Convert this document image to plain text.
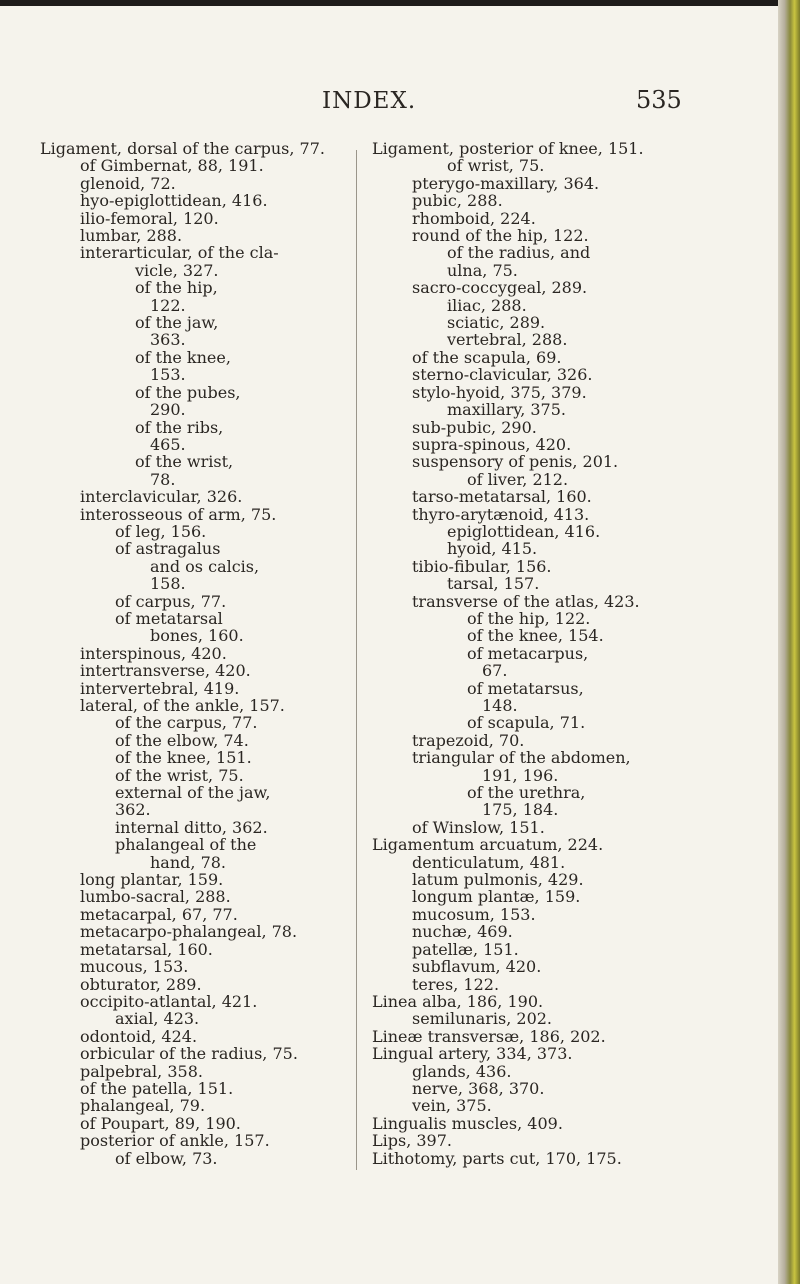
INDEX.	535
Ligament, dorsal of the carpus, 77.
of Gimbernat, 88, 191.
glenoid, 72.
hyo-epiglottidean, 416.
ilio-femoral, 120.
lumbar, 288.
interarticular, of the cla-
vicle, 327.
of the hip,
122.
of the jaw,
363.
of the knee,
153.
of the pubes,
290.
of the ribs,
465.
of the wrist,
78.
interclavicular, 326.
interosseous of arm, 75.
of leg, 156.
of astragalus
and os calcis,
158.
of carpus, 77.
of metatarsal
bones, 160.
interspinous, 420.
intertransverse, 420.
intervertebral, 419.
lateral, of the ankle, 157.
of the carpus, 77.
of the elbow, 74.
of the knee, 151.
of the wrist, 75.
external of the jaw,
362.
internal ditto, 362.
phalangeal of the
hand, 78.
long plantar, 159.
lumbo-sacral, 288.
metacarpal, 67, 77.
metacarpo-phalangeal, 78.
metatarsal, 160.
mucous, 153.
obturator, 289.
occipito-atlantal, 421.
axial, 423.
odontoid, 424.
orbicular of the radius, 75.
palpebral, 358.
of the patella, 151.
phalangeal, 79.
of Poupart, 89, 190.
posterior of ankle, 157.
of elbow, 73.
Ligament, posterior of knee, 151.
of wrist, 75.
pterygo-maxillary, 364.
pubic, 288.
rhomboid, 224.
round of the hip, 122.
of the radius, and
ulna, 75.
sacro-coccygeal, 289.
iliac, 288.
sciatic, 289.
vertebral, 288.
of the scapula, 69.
sterno-clavicular, 326.
stylo-hyoid, 375, 379.
maxillary, 375.
sub-pubic, 290.
supra-spinous, 420.
suspensory of penis, 201.
of liver, 212.
tarso-metatarsal, 160.
thyro-arytænoid, 413.
epiglottidean, 416.
hyoid, 415.
tibio-fibular, 156.
tarsal, 157.
transverse of the atlas, 423.
of the hip, 122.
of the knee, 154.
of metacarpus,
67.
of metatarsus,
148.
of scapula, 71.
trapezoid, 70.
triangular of the abdomen,
191, 196.
of the urethra,
175, 184.
of Winslow, 151.
Ligamentum arcuatum, 224.
denticulatum, 481.
latum pulmonis, 429.
longum plantæ, 159.
mucosum, 153.
nuchæ, 469.
patellæ, 151.
subflavum, 420.
teres, 122.
Linea alba, 186, 190.
semilunaris, 202.
Lineæ transversæ, 186, 202.
Lingual artery, 334, 373.
glands, 436.
nerve, 368, 370.
vein, 375.
Lingualis muscles, 409.
Lips, 397.
Lithotomy, parts cut, 170, 175.
